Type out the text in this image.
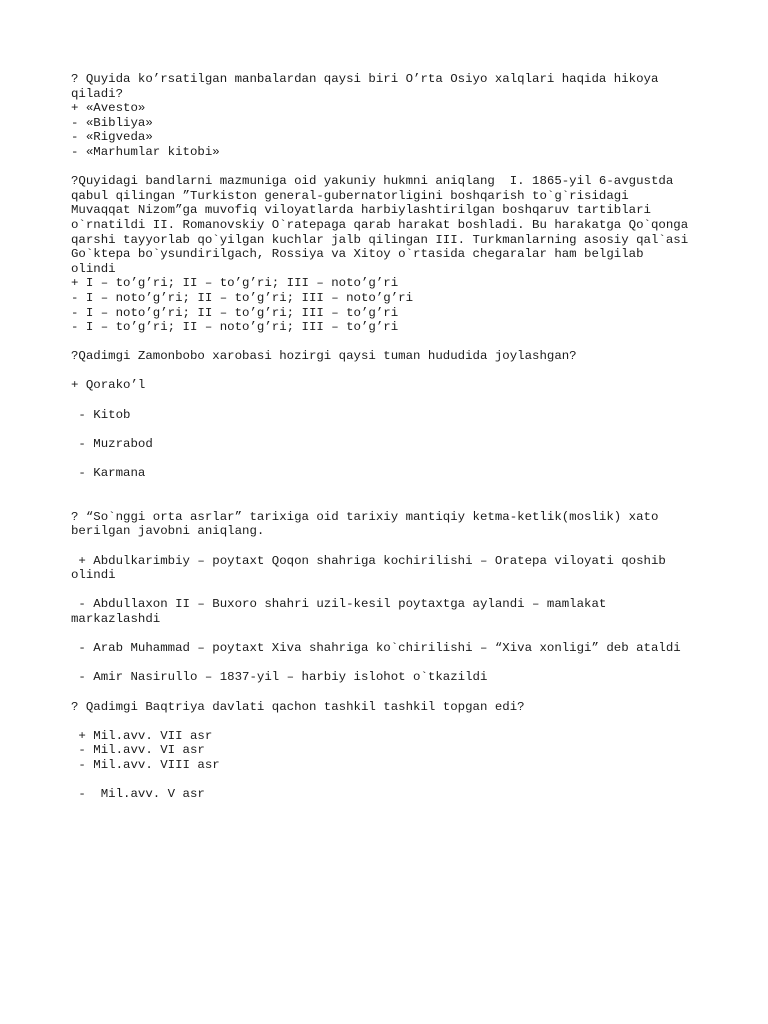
? Quyida ko’rsatilgan manbalardan qaysi biri O’rta Osiyo xalqlari haqida hikoya
qiladi?
+ «Avesto»
- «Bibliya»
- «Rigveda»
- «Marhumlar kitobi»
?Quyidagi bandlarni mazmuniga oid yakuniy hukmni aniqlang  I. 1865-yil 6-avgustda
qabul qilingan ”Turkiston general-gubernatorligini boshqarish to`g`risidagi
Muvaqqat Nizom”ga muvofiq viloyatlarda harbiylashtirilgan boshqaruv tartiblari
o`rnatildi II. Romanovskiy O`ratepaga qarab harakat boshladi. Bu harakatga Qo`qonga
qarshi tayyorlab qo`yilgan kuchlar jalb qilingan III. Turkmanlarning asosiy qal`asi
Go`ktepa bo`ysundirilgach, Rossiya va Xitoy o`rtasida chegaralar ham belgilab
olindi
+ I – to’g’ri; II – to’g’ri; III – noto’g’ri
- I – noto’g’ri; II – to’g’ri; III – noto’g’ri
- I – noto’g’ri; II – to’g’ri; III – to’g’ri
- I – to’g’ri; II – noto’g’ri; III – to’g’ri
?Qadimgi Zamonbobo xarobasi hozirgi qaysi tuman hududida joylashgan?
+ Qorako’l
- Kitob
- Muzrabod
- Karmana
? “So`nggi orta asrlar” tarixiga oid tarixiy mantiqiy ketma-ketlik(moslik) xato
berilgan javobni aniqlang.
+ Abdulkarimbiy – poytaxt Qoqon shahriga kochirilishi – Oratepa viloyati qoshib
olindi
- Abdullaxon II – Buxoro shahri uzil-kesil poytaxtga aylandi – mamlakat
markazlashdi
- Arab Muhammad – poytaxt Xiva shahriga ko`chirilishi – “Xiva xonligi” deb ataldi
- Amir Nasirullo – 1837-yil – harbiy islohot o`tkazildi
? Qadimgi Baqtriya davlati qachon tashkil tashkil topgan edi?
+ Mil.avv. VII asr
- Mil.avv. VI asr
- Mil.avv. VIII asr
-  Mil.avv. V asr
